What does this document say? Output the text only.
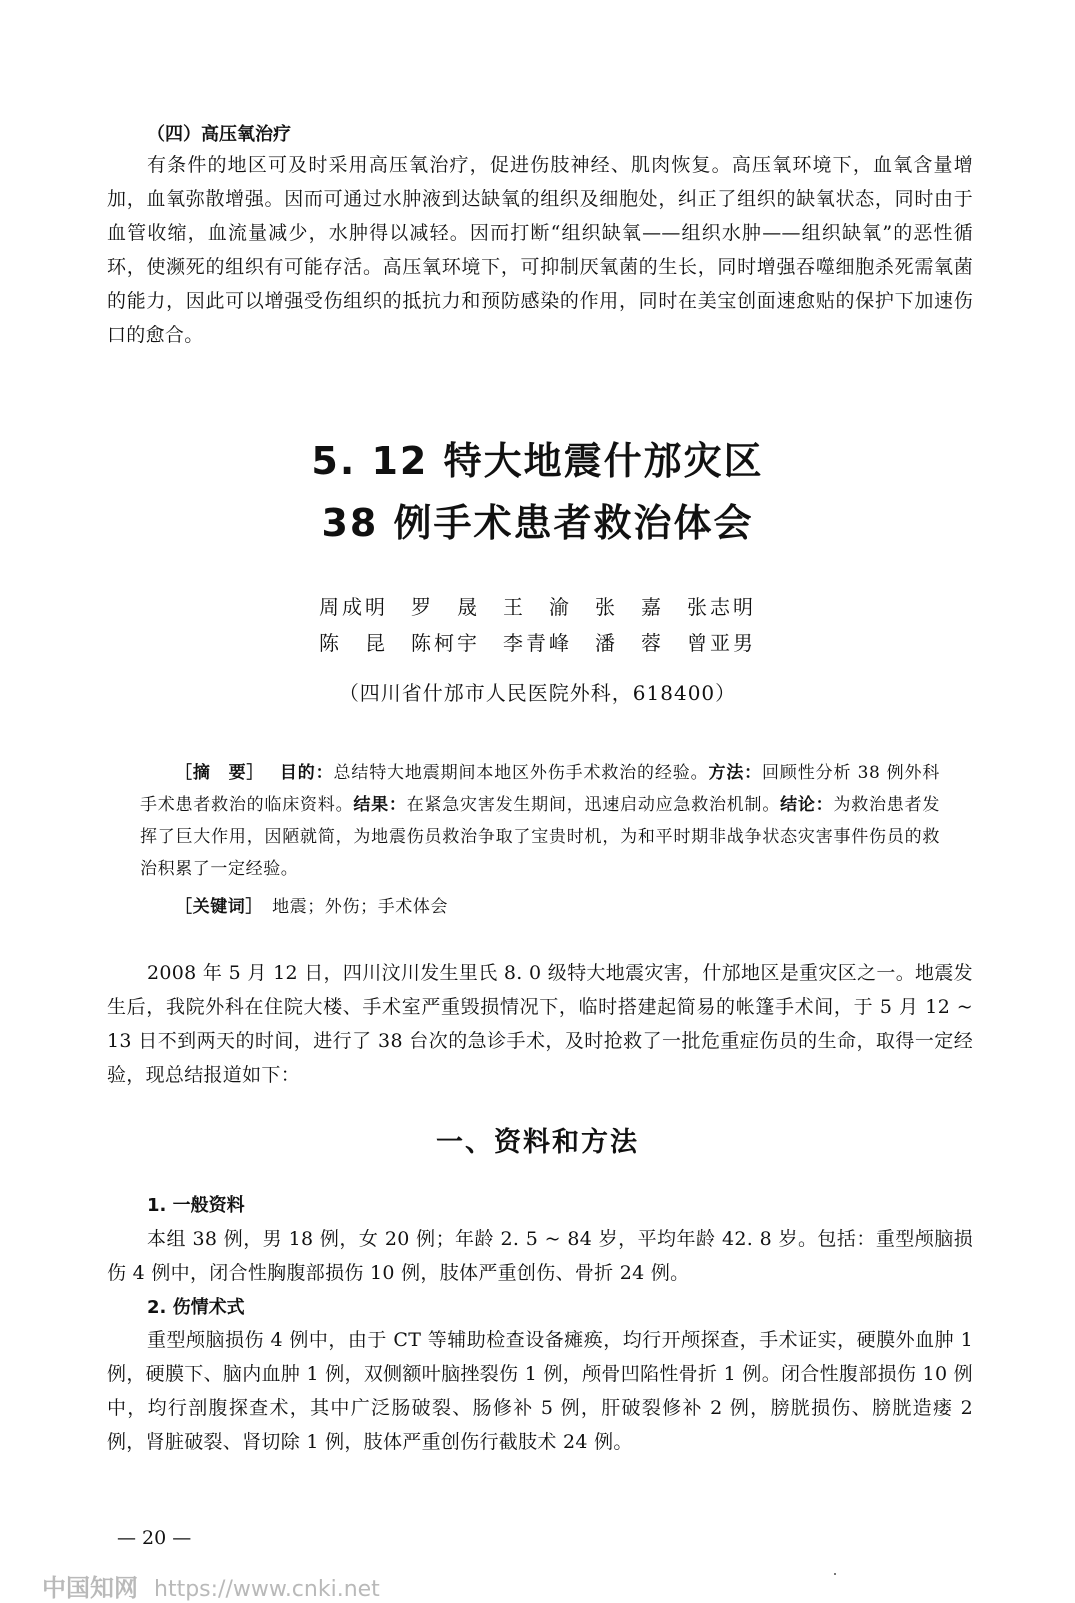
（四）高压氧治疗

有条件的地区可及时采用高压氧治疗，促进伤肢神经、肌肉恢复。高压氧环境下，血氧含量增加，血氧弥散增强。因而可通过水肿液到达缺氧的组织及细胞处，纠正了组织的缺氧状态，同时由于血管收缩，血流量减少，水肿得以减轻。因而打断“组织缺氧——组织水肿——组织缺氧”的恶性循环，使濒死的组织有可能存活。高压氧环境下，可抑制厌氧菌的生长，同时增强吞噬细胞杀死需氧菌的能力，因此可以增强受伤组织的抵抗力和预防感染的作用，同时在美宝创面速愈贴的保护下加速伤口的愈合。

5. 12 特大地震什邡灾区
38 例手术患者救治体会
周成明　罗　晟　王　渝　张　嘉　张志明
陈　昆　陈柯宇　李青峰　潘　蓉　曾亚男
（四川省什邡市人民医院外科，618400）
［摘　要］　 目的：总结特大地震期间本地区外伤手术救治的经验。方法：回顾性分析 38 例外科手术患者救治的临床资料。结果：在紧急灾害发生期间，迅速启动应急救治机制。结论：为救治患者发挥了巨大作用，因陋就简，为地震伤员救治争取了宝贵时机，为和平时期非战争状态灾害事件伤员的救治积累了一定经验。
［关键词］　 地震；外伤；手术体会

2008 年 5 月 12 日，四川汶川发生里氏 8. 0 级特大地震灾害，什邡地区是重灾区之一。地震发生后，我院外科在住院大楼、手术室严重毁损情况下，临时搭建起简易的帐篷手术间，于 5 月 12 ~ 13 日不到两天的时间，进行了 38 台次的急诊手术，及时抢救了一批危重症伤员的生命，取得一定经验，现总结报道如下：

一、资料和方法
1. 一般资料

本组 38 例，男 18 例，女 20 例；年龄 2. 5 ~ 84 岁，平均年龄 42. 8 岁。包括：重型颅脑损伤 4 例中，闭合性胸腹部损伤 10 例，肢体严重创伤、骨折 24 例。

2. 伤情术式

重型颅脑损伤 4 例中，由于 CT 等辅助检查设备瘫痪，均行开颅探查，手术证实，硬膜外血肿 1 例，硬膜下、脑内血肿 1 例，双侧额叶脑挫裂伤 1 例，颅骨凹陷性骨折 1 例。闭合性腹部损伤 10 例中，均行剖腹探查术，其中广泛肠破裂、肠修补 5 例，肝破裂修补 2 例，膀胱损伤、膀胱造瘘 2 例，肾脏破裂、肾切除 1 例，肢体严重创伤行截肢术 24 例。

— 20 —
中国知网 https://www.cnki.net
